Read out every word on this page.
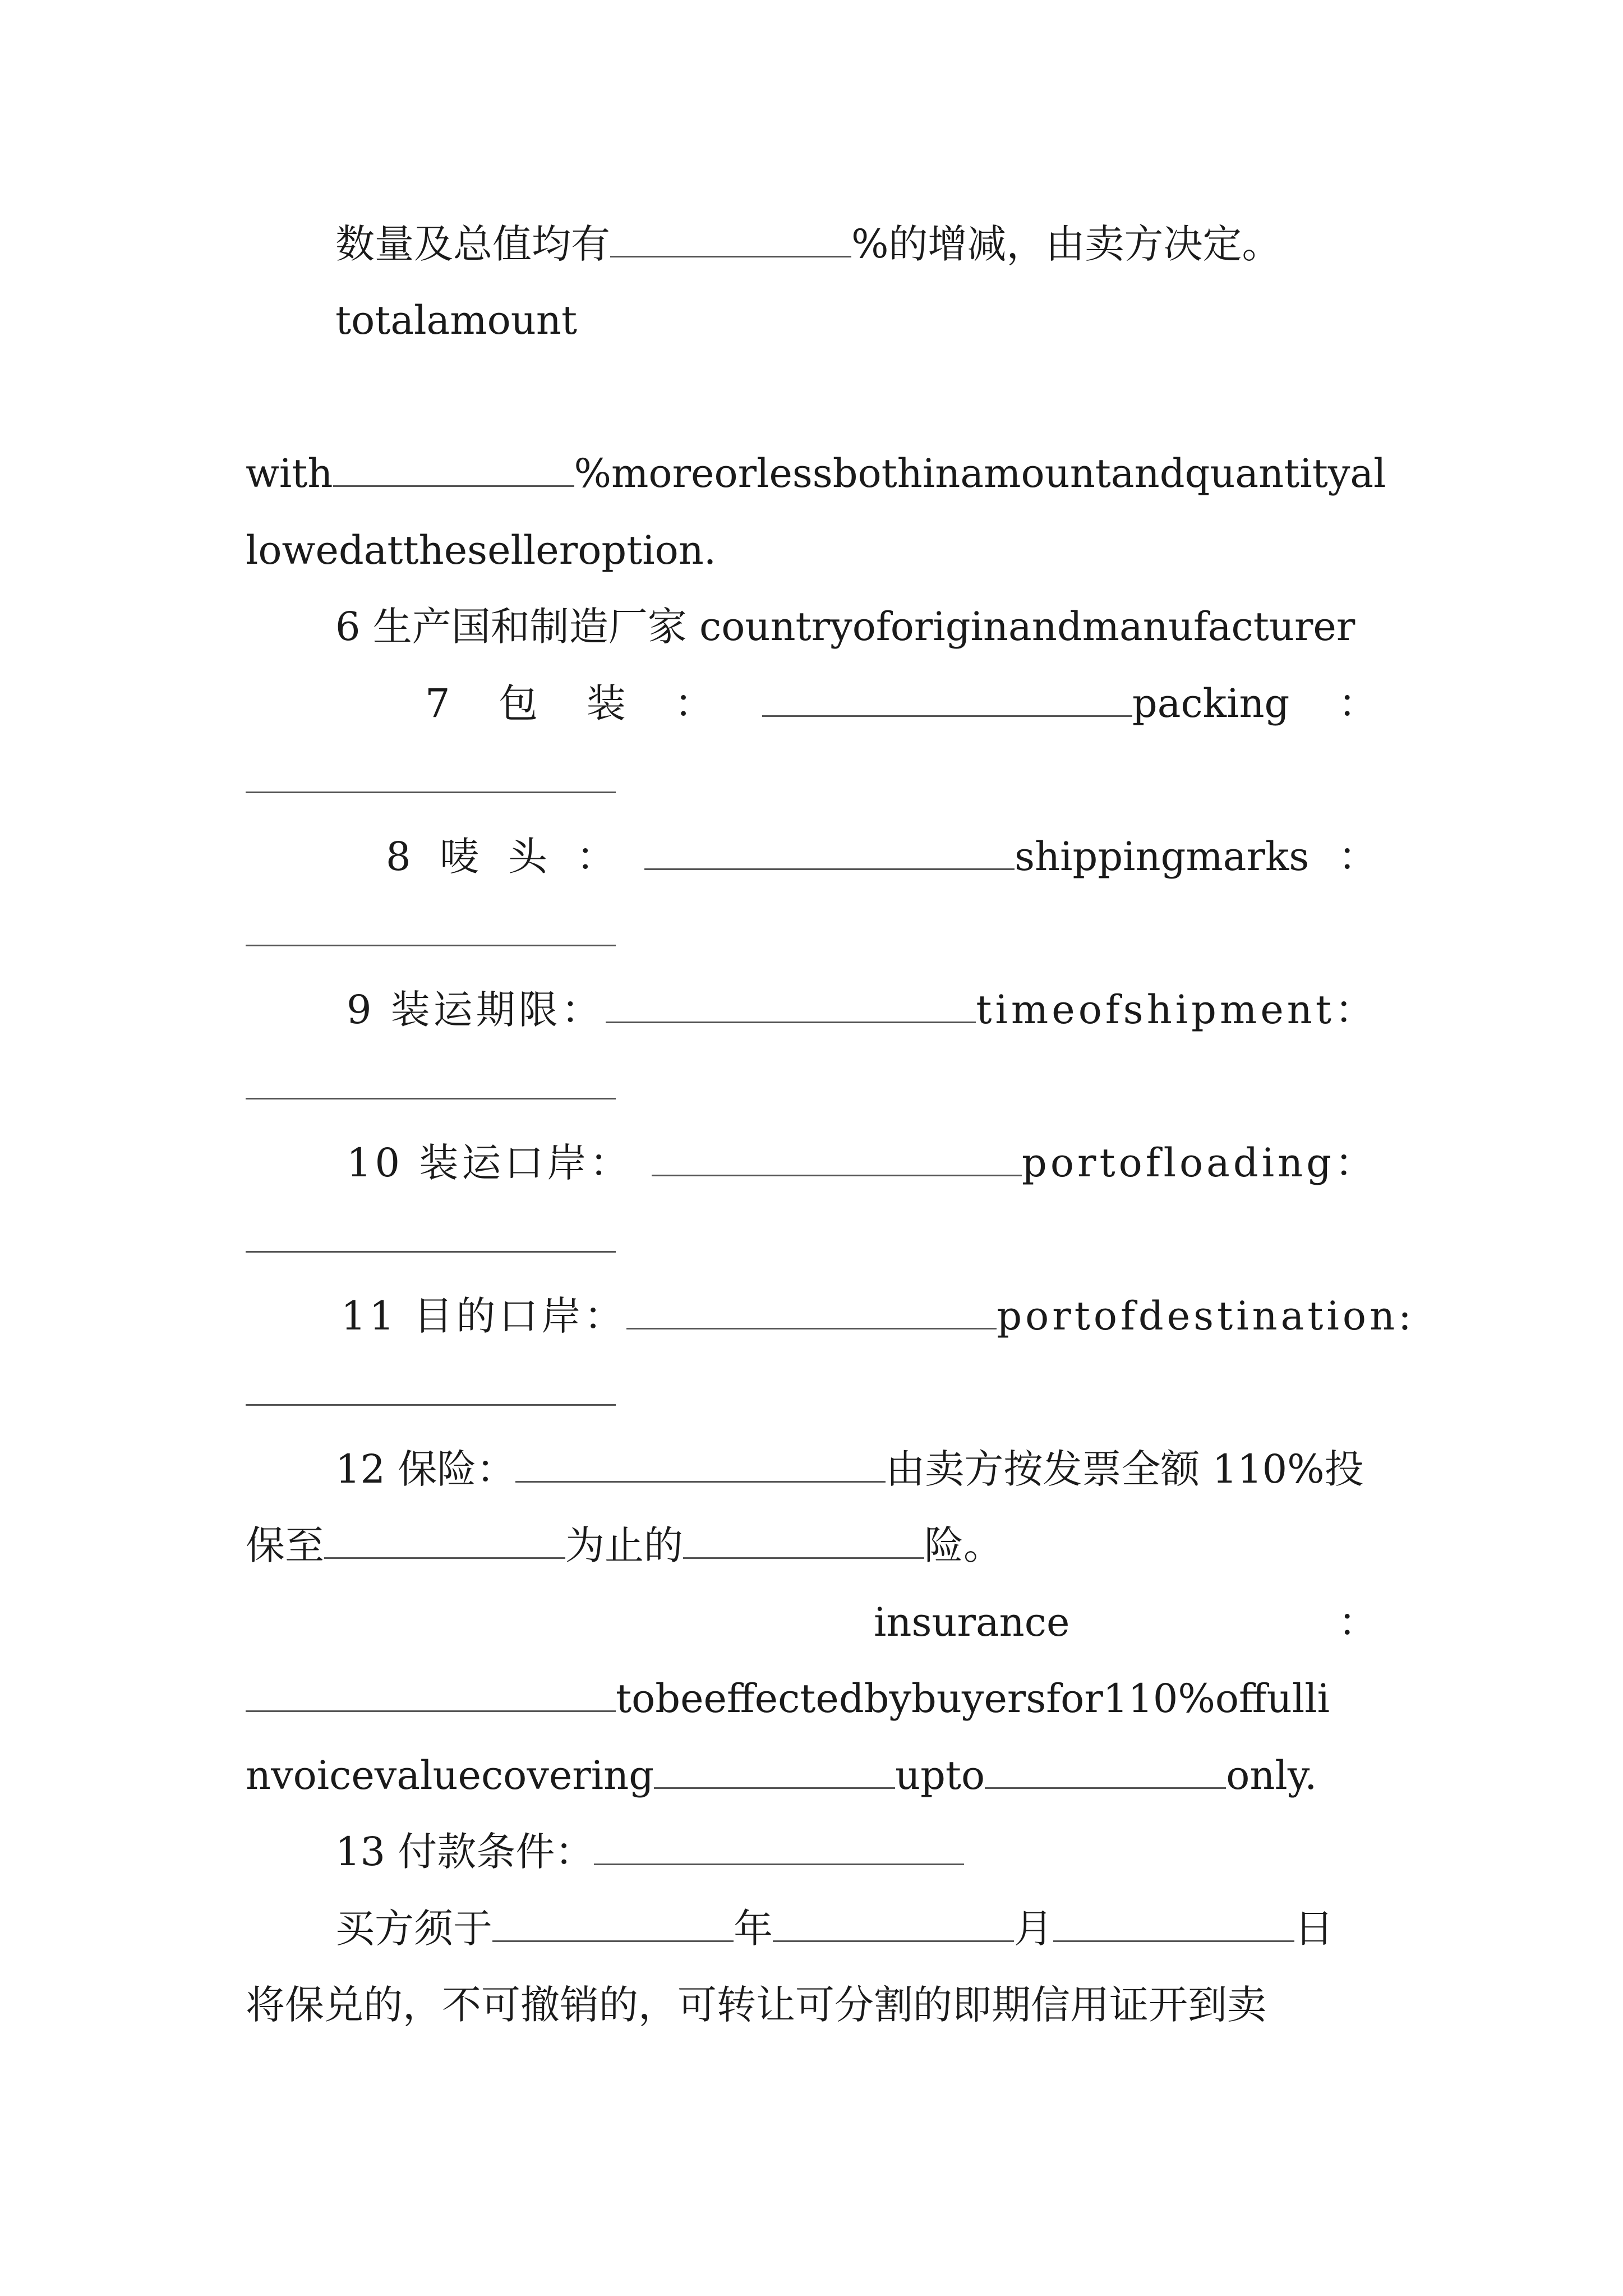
数量及总值均有	%的增减，由卖方决定。
totalamount
with	%moreorlessbothinamountandquantityal
lowedattheselleroption.
6 生产国和制造厂家 countryoforiginandmanufacturer
7 包 装 ：	packing ：
8 唛 头 ：	shippingmarks ：
9 装运期限：	timeofshipment：
10 装运口岸：	portofloading：
11 目的口岸：	portofdestination:
12 保险：	由卖方按发票全额 110%投
保至	为止的	险。
insurance	：
tobeeffectedbybuyersfor110%offulli
nvoicevaluecovering	upto	only.
13 付款条件：
买方须于	年	月	日
将保兑的，不可撤销的，可转让可分割的即期信用证开到卖
